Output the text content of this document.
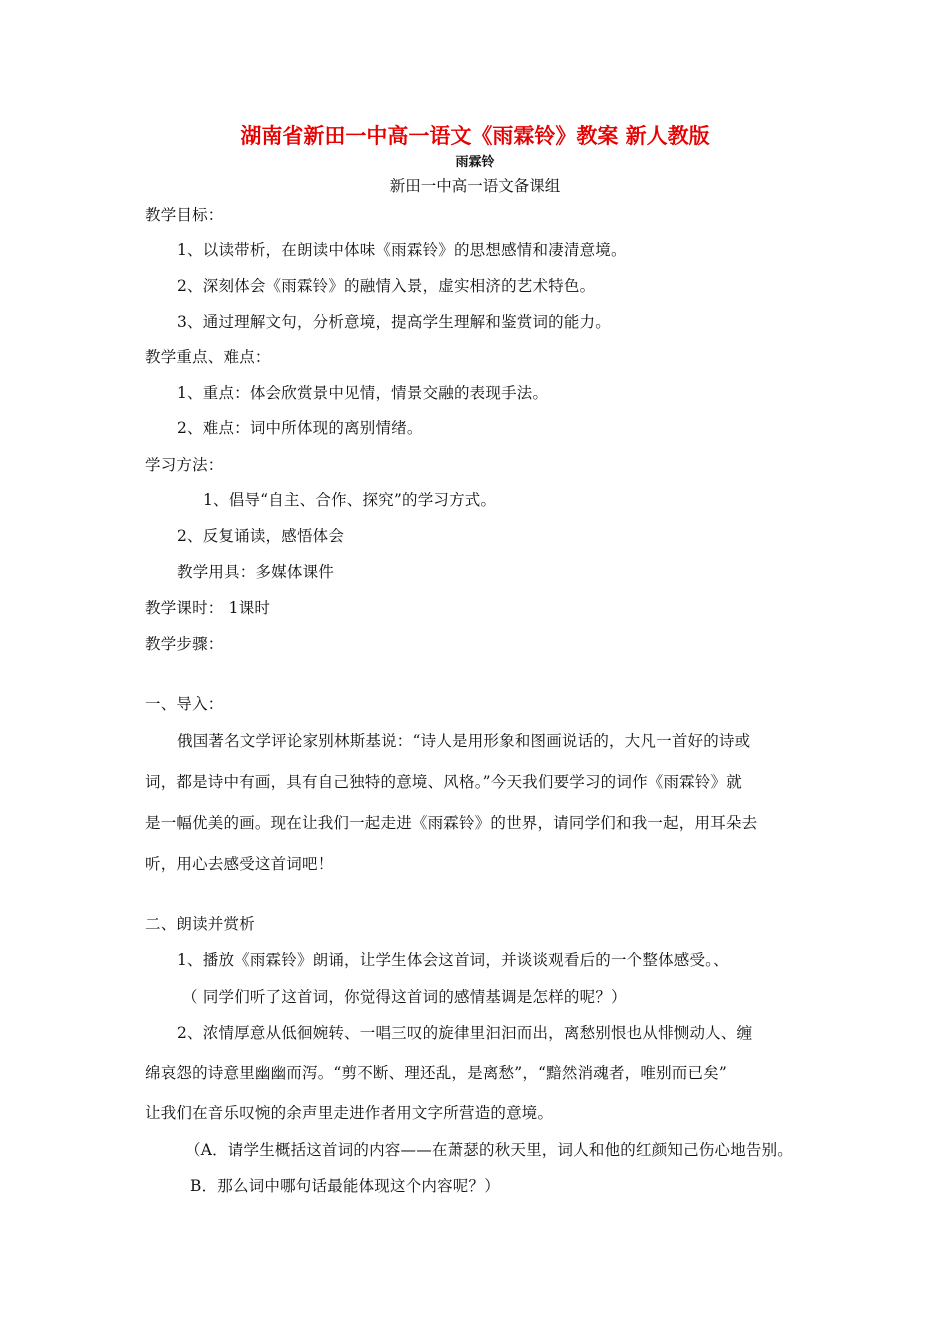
湖南省新田一中高一语文《雨霖铃》教案 新人教版
雨霖铃
新田一中高一语文备课组
教学目标：
1、以读带析，在朗读中体味《雨霖铃》的思想感情和凄清意境。
2、深刻体会《雨霖铃》的融情入景，虚实相济的艺术特色。
3、通过理解文句，分析意境，提高学生理解和鉴赏词的能力。
教学重点、难点：
1、重点：体会欣赏景中见情，情景交融的表现手法。
2、难点：词中所体现的离别情绪。
学习方法：
1、倡导“自主、合作、探究”的学习方式。
2、反复诵读，感悟体会
教学用具：多媒体课件
教学课时： 1课时
教学步骤：
一、导入：
俄国著名文学评论家别林斯基说：“诗人是用形象和图画说话的，大凡一首好的诗或
词，都是诗中有画，具有自己独特的意境、风格。”今天我们要学习的词作《雨霖铃》就
是一幅优美的画。现在让我们一起走进《雨霖铃》的世界，请同学们和我一起，用耳朵去
听，用心去感受这首词吧！
二、朗读并赏析
1、播放《雨霖铃》朗诵，让学生体会这首词，并谈谈观看后的一个整体感受。、
（ 同学们听了这首词，你觉得这首词的感情基调是怎样的呢？）
2、浓情厚意从低徊婉转、一唱三叹的旋律里汩汩而出，离愁别恨也从悱恻动人、缠
绵哀怨的诗意里幽幽而泻。“剪不断、理还乱，是离愁”，“黯然消魂者，唯别而已矣”
让我们在音乐叹惋的余声里走进作者用文字所营造的意境。
（A．请学生概括这首词的内容——在萧瑟的秋天里，词人和他的红颜知己伤心地告别。
B．那么词中哪句话最能体现这个内容呢？）
